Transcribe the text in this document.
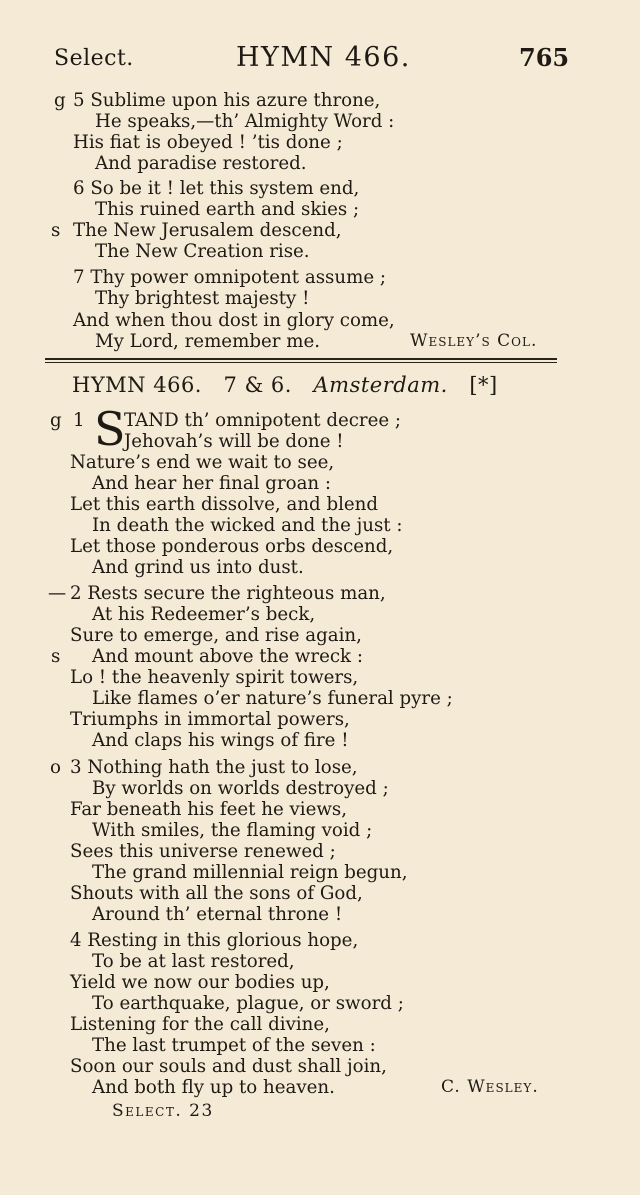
Select.	HYMN 466.	765
g 5 Sublime upon his azure throne,
He speaks,—th’ Almighty Word :
His fiat is obeyed ! ’tis done ;
And paradise restored.
6 So be it ! let this system end,
This ruined earth and skies ;
s The New Jerusalem descend,
The New Creation rise.
7 Thy power omnipotent assume ;
Thy brightest majesty !
And when thou dost in glory come,
My Lord, remember me.	Wesley’s Col.
HYMN 466. 7 & 6. Amsterdam. [*]
g 1 S
TAND th’ omnipotent decree ;
Jehovah’s will be done !
Nature’s end we wait to see,
And hear her final groan :
Let this earth dissolve, and blend
In death the wicked and the just :
Let those ponderous orbs descend,
And grind us into dust.
— 2 Rests secure the righteous man,
At his Redeemer’s beck,
Sure to emerge, and rise again,
s And mount above the wreck :
Lo ! the heavenly spirit towers,
Like flames o’er nature’s funeral pyre ;
Triumphs in immortal powers,
And claps his wings of fire !
o 3 Nothing hath the just to lose,
By worlds on worlds destroyed ;
Far beneath his feet he views,
With smiles, the flaming void ;
Sees this universe renewed ;
The grand millennial reign begun,
Shouts with all the sons of God,
Around th’ eternal throne !
4 Resting in this glorious hope,
To be at last restored,
Yield we now our bodies up,
To earthquake, plague, or sword ;
Listening for the call divine,
The last trumpet of the seven :
Soon our souls and dust shall join,
And both fly up to heaven.	C. Wesley.
Select. 23
